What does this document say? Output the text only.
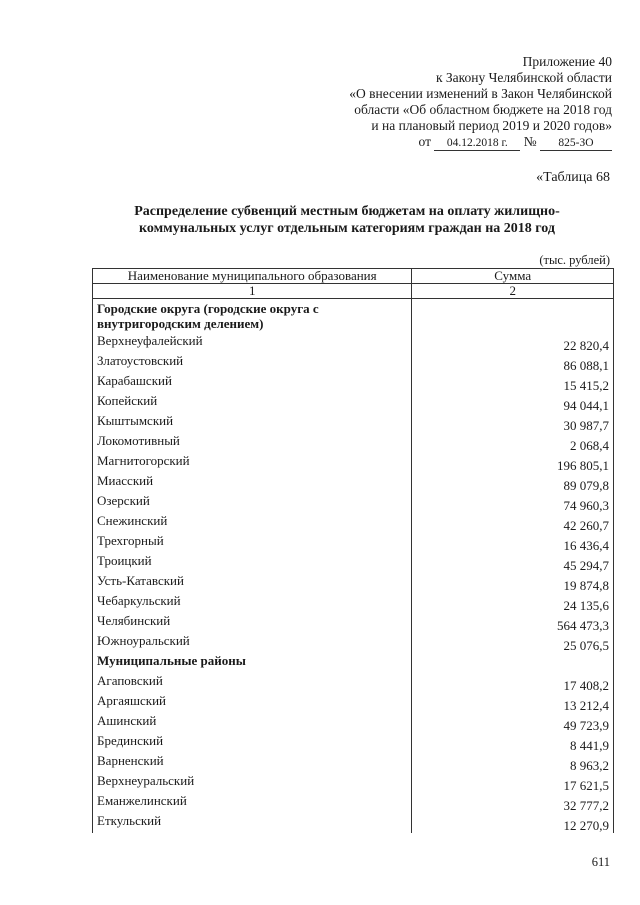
Приложение 40
к Закону Челябинской области
«О внесении изменений в Закон Челябинской
области «Об областном бюджете на 2018 год
и на плановый период 2019 и 2020 годов»
от 04.12.2018 г. № 825-ЗО
«Таблица 68
Распределение субвенций местным бюджетам на оплату жилищно-
коммунальных услуг отдельным категориям граждан на 2018 год
(тыс. рублей)
Наименование муниципального образования	Сумма
1	2
Городские округа (городские округа с внутригородским делением)	
Верхнеуфалейский	22 820,4
Златоустовский	86 088,1
Карабашский	15 415,2
Копейский	94 044,1
Кыштымский	30 987,7
Локомотивный	2 068,4
Магнитогорский	196 805,1
Миасский	89 079,8
Озерский	74 960,3
Снежинский	42 260,7
Трехгорный	16 436,4
Троицкий	45 294,7
Усть-Катавский	19 874,8
Чебаркульский	24 135,6
Челябинский	564 473,3
Южноуральский	25 076,5
Муниципальные районы	
Агаповский	17 408,2
Аргаяшский	13 212,4
Ашинский	49 723,9
Брединский	8 441,9
Варненский	8 963,2
Верхнеуральский	17 621,5
Еманжелинский	32 777,2
Еткульский	12 270,9
611
